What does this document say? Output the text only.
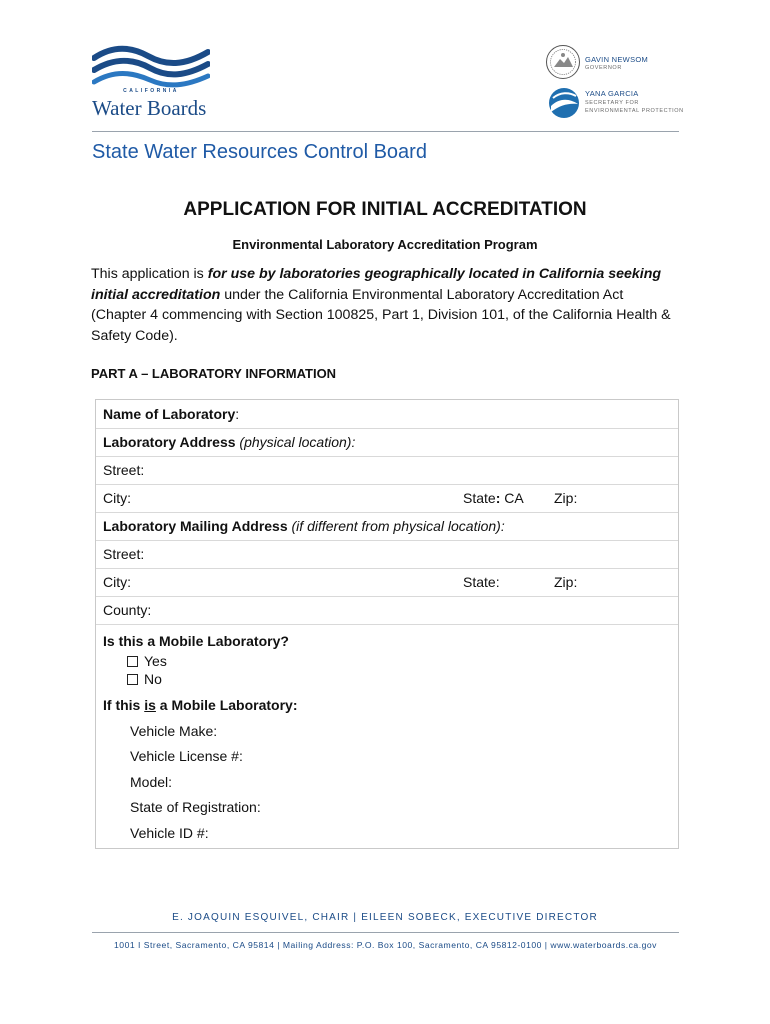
CALIFORNIA
Water Boards
GAVIN NEWSOM
GOVERNOR
YANA GARCIA
SECRETARY FOR ENVIRONMENTAL PROTECTION
State Water Resources Control Board
APPLICATION FOR INITIAL ACCREDITATION
Environmental Laboratory Accreditation Program
This application is for use by laboratories geographically located in California seeking initial accreditation under the California Environmental Laboratory Accreditation Act (Chapter 4 commencing with Section 100825, Part 1, Division 101, of the California Health & Safety Code).
PART A – LABORATORY INFORMATION
Name of Laboratory:
Laboratory Address (physical location):
Street:
City:	State: CA Zip:
Laboratory Mailing Address (if different from physical location):
Street:
City:	State:	Zip:
County:
Is this a Mobile Laboratory?
Yes
No
If this is a Mobile Laboratory:
Vehicle Make:
Vehicle License #:
Model:
State of Registration:
Vehicle ID #:
E. JOAQUIN ESQUIVEL, CHAIR | EILEEN SOBECK, EXECUTIVE DIRECTOR
1001 I Street, Sacramento, CA 95814 | Mailing Address: P.O. Box 100, Sacramento, CA 95812-0100 | www.waterboards.ca.gov
